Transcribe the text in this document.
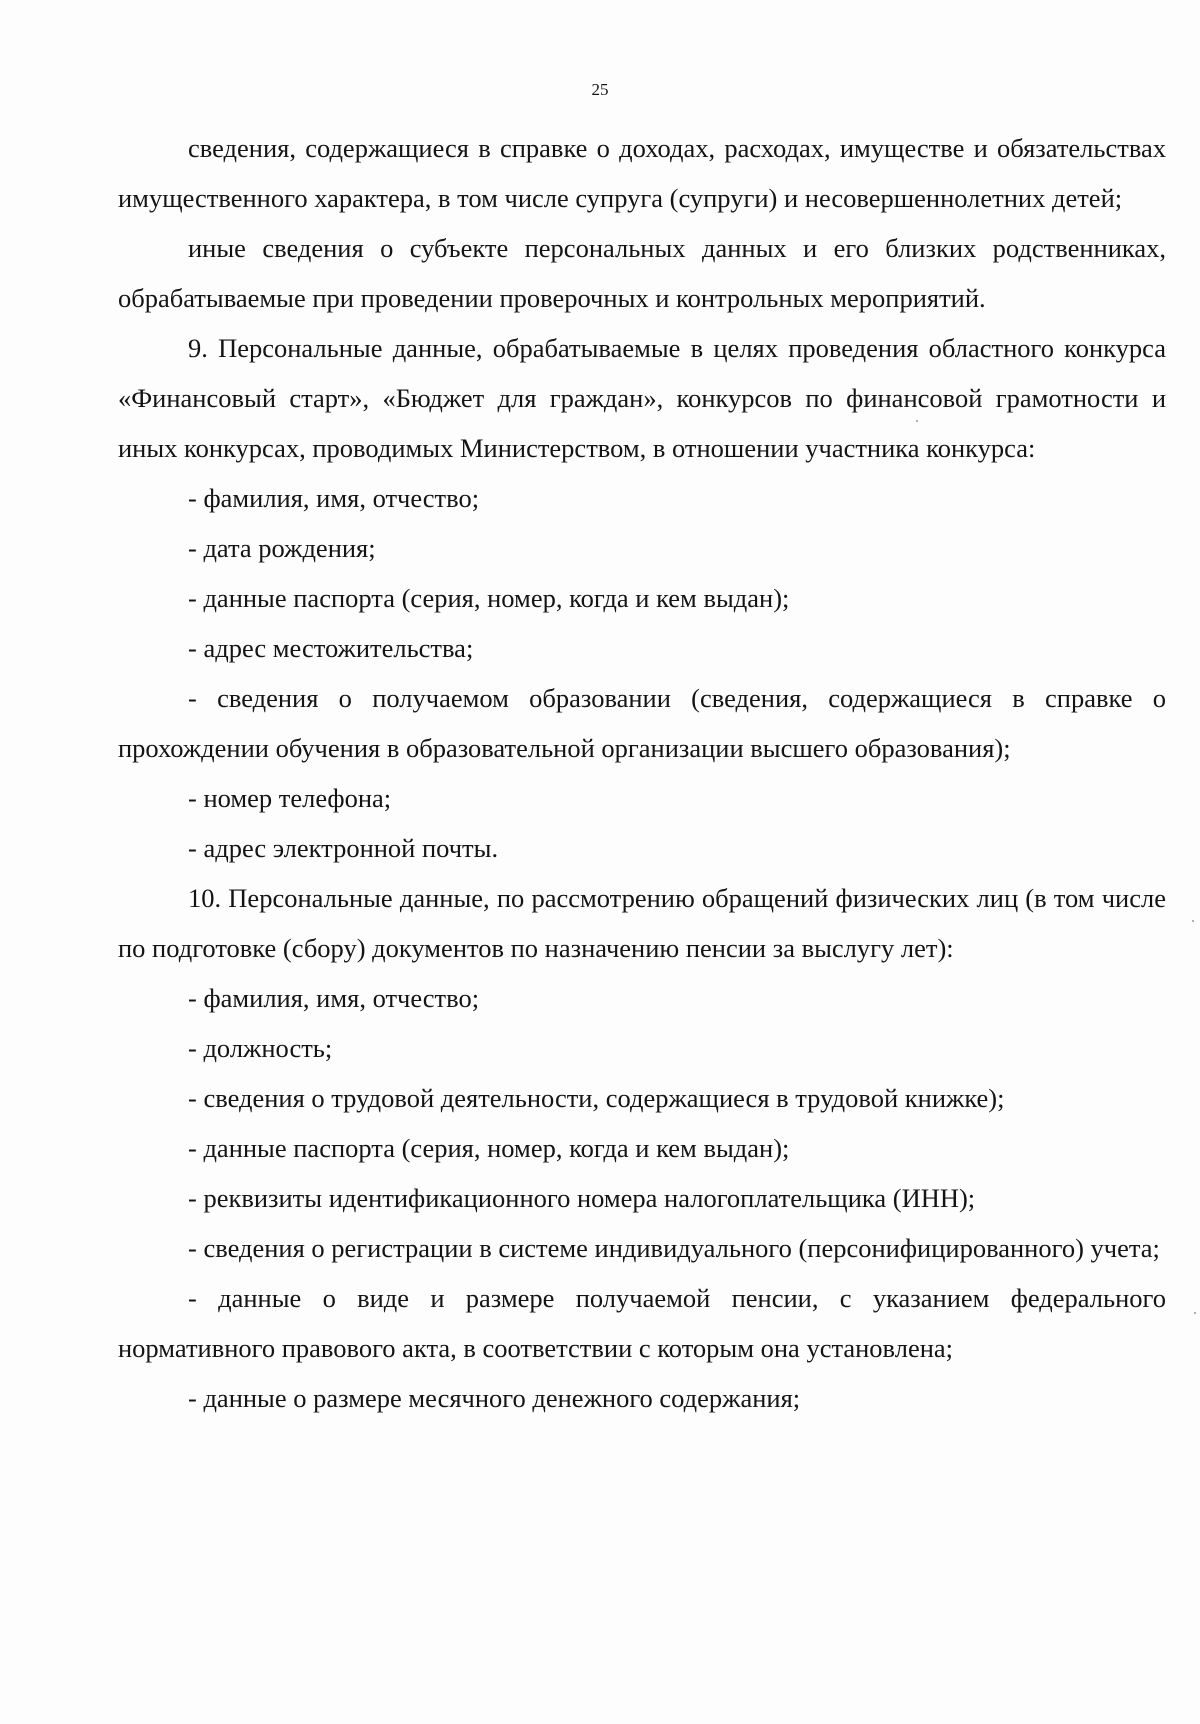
25

сведения, содержащиеся в справке о доходах, расходах, имуществе и обязательствах имущественного характера, в том числе супруга (супруги) и несовершеннолетних детей;

иные сведения о субъекте персональных данных и его близких родственниках, обрабатываемые при проведении проверочных и контрольных мероприятий.

9. Персональные данные, обрабатываемые в целях проведения областного конкурса «Финансовый старт», «Бюджет для граждан», конкурсов по финансовой грамотности и иных конкурсах, проводимых Министерством, в отношении участника конкурса:

- фамилия, имя, отчество;

- дата рождения;

- данные паспорта (серия, номер, когда и кем выдан);

- адрес местожительства;

- сведения о получаемом образовании (сведения, содержащиеся в справке о прохождении обучения в образовательной организации высшего образования);

- номер телефона;

- адрес электронной почты.

10. Персональные данные, по рассмотрению обращений физических лиц (в том числе по подготовке (сбору) документов по назначению пенсии за выслугу лет):

- фамилия, имя, отчество;

- должность;

- сведения о трудовой деятельности, содержащиеся в трудовой книжке);

- данные паспорта (серия, номер, когда и кем выдан);

- реквизиты идентификационного номера налогоплательщика (ИНН);

- сведения о регистрации в системе индивидуального (персонифицированного) учета;

- данные о виде и размере получаемой пенсии, с указанием федерального нормативного правового акта, в соответствии с которым она установлена;

- данные о размере месячного денежного содержания;
